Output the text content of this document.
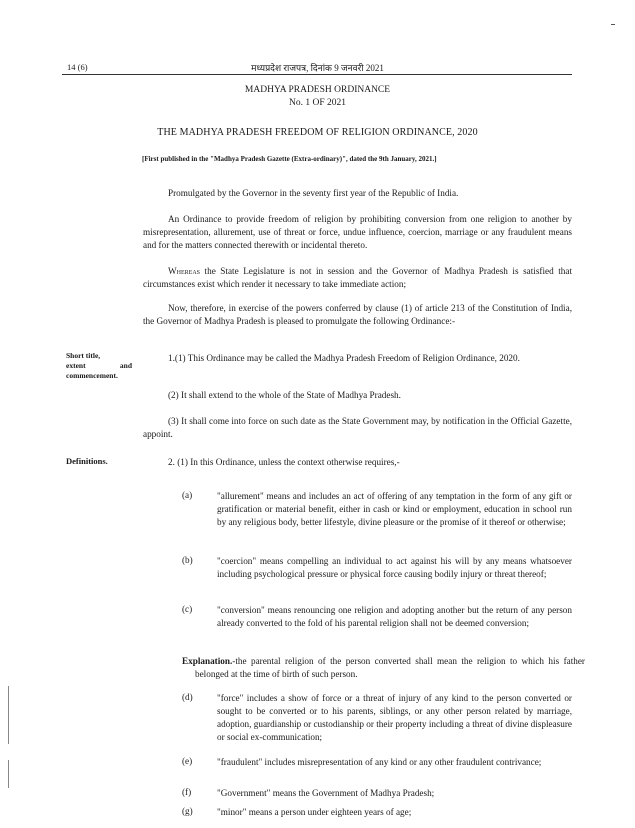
14 (6)	मध्यप्रदेश राजपत्र, दिनांक 9 जनवरी 2021
MADHYA PRADESH ORDINANCE
No. 1 OF 2021
THE MADHYA PRADESH FREEDOM OF RELIGION ORDINANCE, 2020
[First published in the "Madhya Pradesh Gazette (Extra-ordinary)", dated the 9th January, 2021.]
Promulgated by the Governor in the seventy first year of the Republic of India.
An Ordinance to provide freedom of religion by prohibiting conversion from one religion to another by misrepresentation, allurement, use of threat or force, undue influence, coercion, marriage or any fraudulent means and for the matters connected therewith or incidental thereto.
Whereas the State Legislature is not in session and the Governor of Madhya Pradesh is satisfied that circumstances exist which render it necessary to take immediate action;
Now, therefore, in exercise of the powers conferred by clause (1) of article 213 of the Constitution of India, the Governor of Madhya Pradesh is pleased to promulgate the following Ordinance:-
Short title,
extent	and
commencement.
1.(1) This Ordinance may be called the Madhya Pradesh Freedom of Religion Ordinance, 2020.
(2) It shall extend to the whole of the State of Madhya Pradesh.
(3) It shall come into force on such date as the State Government may, by notification in the Official Gazette, appoint.
Definitions.	2. (1) In this Ordinance, unless the context otherwise requires,-
(a)	"allurement" means and includes an act of offering of any temptation in the form of any gift or gratification or material benefit, either in cash or kind or employment, education in school run by any religious body, better lifestyle, divine pleasure or the promise of it thereof or otherwise;
(b)	"coercion" means compelling an individual to act against his will by any means whatsoever including psychological pressure or physical force causing bodily injury or threat thereof;
(c)	"conversion" means renouncing one religion and adopting another but the return of any person already converted to the fold of his parental religion shall not be deemed conversion;
Explanation.-the parental religion of the person converted shall mean the religion to which his father belonged at the time of birth of such person.
(d)	"force" includes a show of force or a threat of injury of any kind to the person converted or sought to be converted or to his parents, siblings, or any other person related by marriage, adoption, guardianship or custodianship or their property including a threat of divine displeasure or social ex-communication;
(e)	"fraudulent" includes misrepresentation of any kind or any other fraudulent contrivance;
(f)	"Government" means the Government of Madhya Pradesh;
(g)	"minor" means a person under eighteen years of age;
